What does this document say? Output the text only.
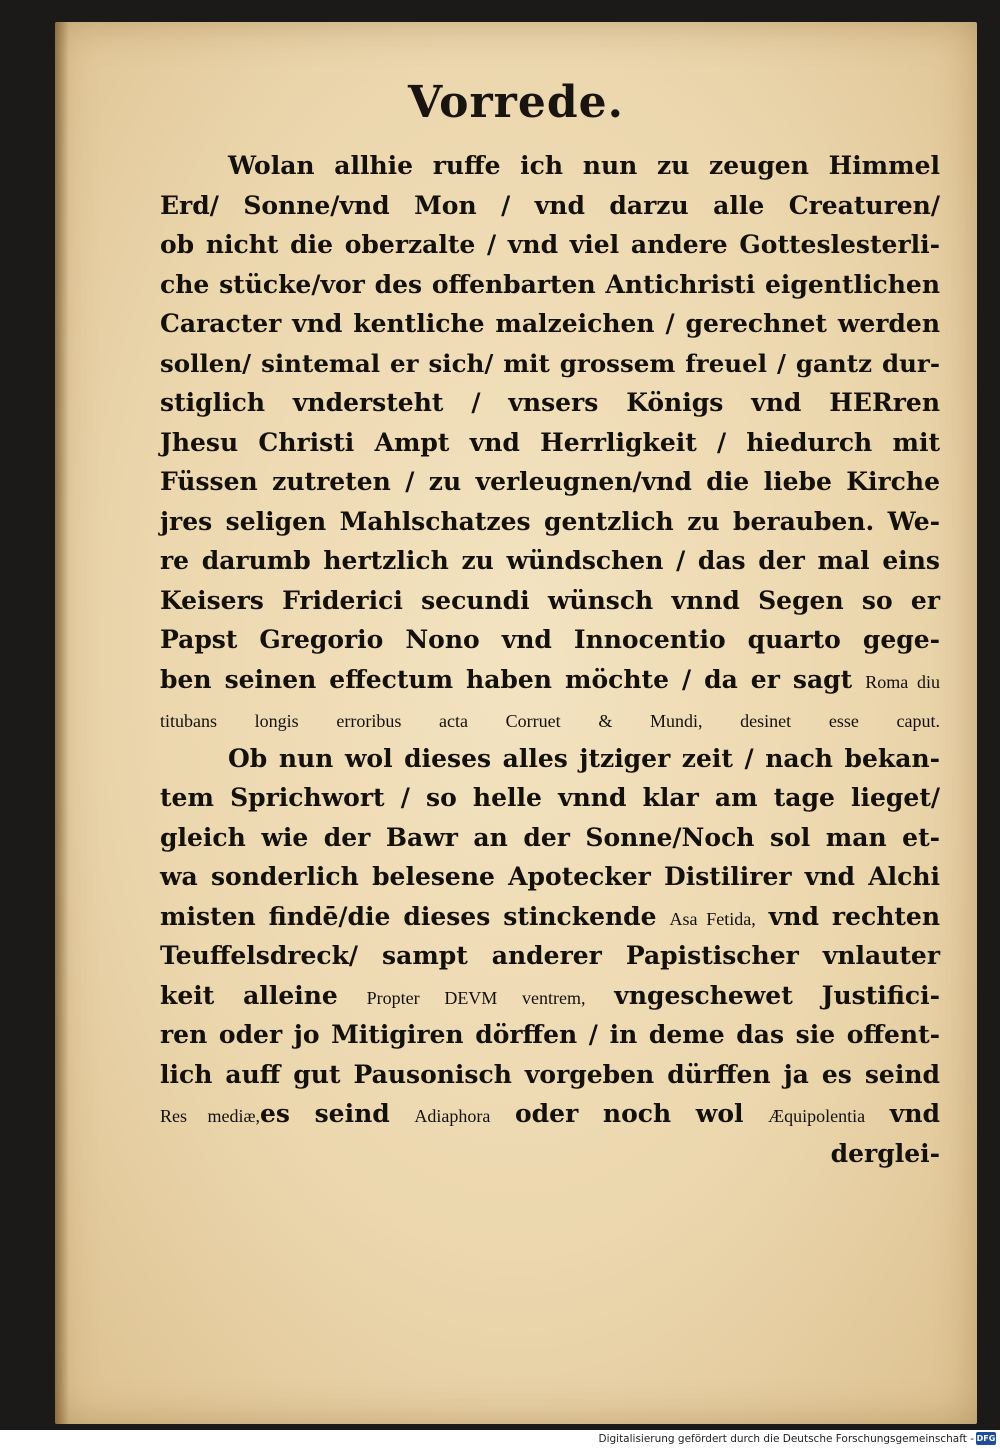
Vorrede.
Wolan allhie ruffe ich nun zu zeugen Himmel
Erd/ Sonne/vnd Mon / vnd darzu alle Creaturen/
ob nicht die oberzalte / vnd viel andere Gotteslesterli-
che stücke/vor des offenbarten Antichristi eigentlichen
Caracter vnd kentliche malzeichen / gerechnet werden
sollen/ sintemal er sich/ mit grossem freuel / gantz dur-
stiglich vndersteht / vnsers Königs vnd HERren
Jhesu Christi Ampt vnd Herrligkeit / hiedurch mit
Füssen zutreten / zu verleugnen/vnd die liebe Kirche
jres seligen Mahlschatzes gentzlich zu berauben. We-
re darumb hertzlich zu wündschen / das der mal eins
Keisers Friderici secundi wünsch vnnd Segen so er
Papst Gregorio Nono vnd Innocentio quarto gege-
ben seinen effectum haben möchte / da er sagt Roma diu
titubans longis erroribus acta Corruet & Mundi, desinet esse caput.
Ob nun wol dieses alles jtziger zeit / nach bekan-
tem Sprichwort / so helle vnnd klar am tage lieget/
gleich wie der Bawr an der Sonne/Noch sol man et-
wa sonderlich belesene Apotecker Distilirer vnd Alchi
misten findē/die dieses stinckende Asa Fetida, vnd rechten
Teuffelsdreck/ sampt anderer Papistischer vnlauter
keit alleine Propter DEVM ventrem, vngeschewet Justifici-
ren oder jo Mitigiren dörffen / in deme das sie offent-
lich auff gut Pausonisch vorgeben dürffen ja es seind
Res mediæ,es seind Adiaphora oder noch wol Æquipolentia vnd
derglei-
Digitalisierung gefördert durch die Deutsche Forschungsgemeinschaft - DFG
